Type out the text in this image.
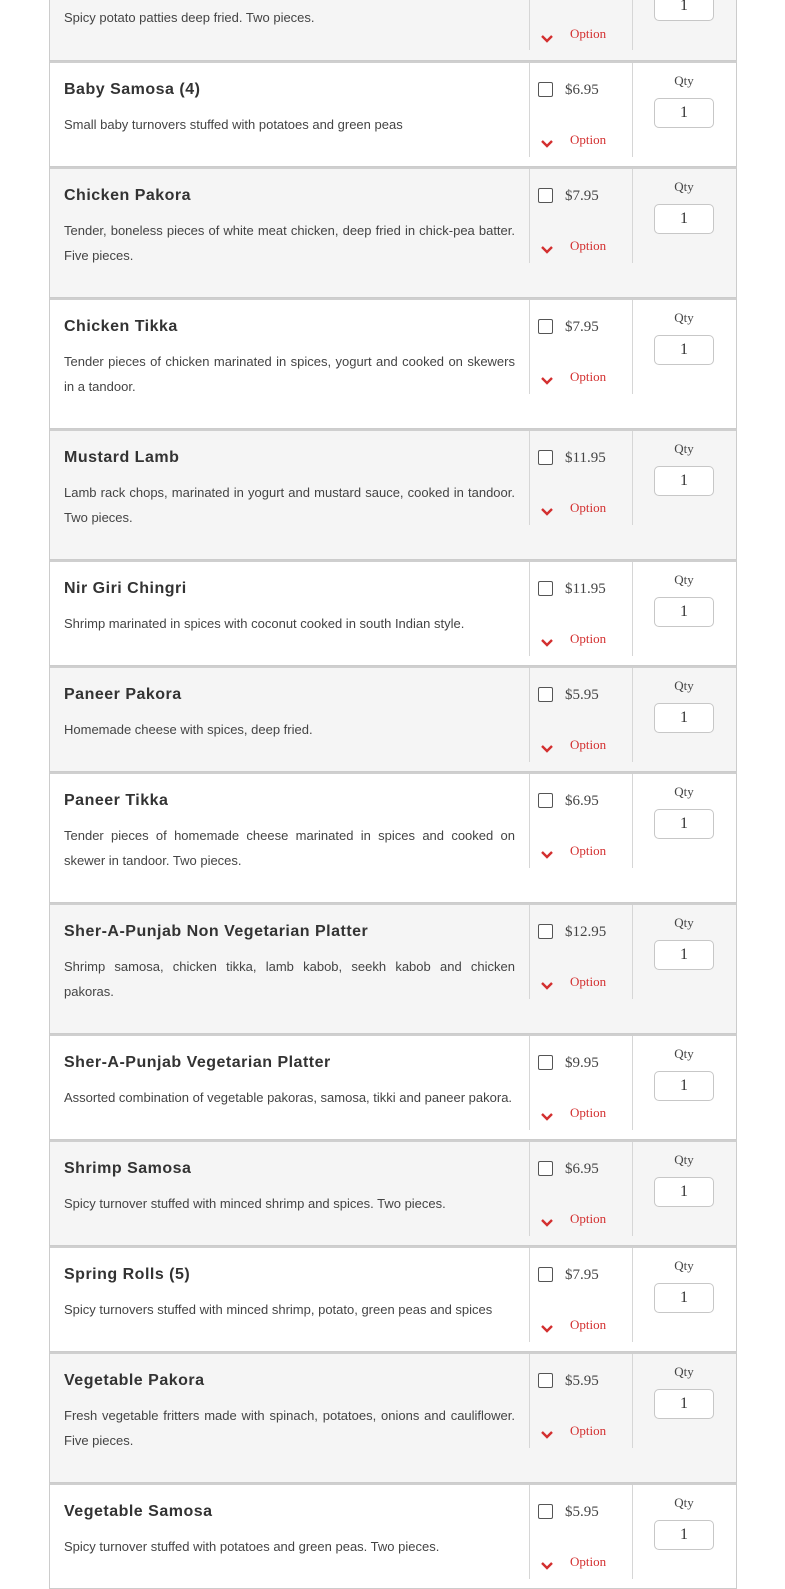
Spicy potato patties deep fried. Two pieces.
Option
1
Baby Samosa (4)
Small baby turnovers stuffed with potatoes and green peas
$6.95
Option
Qty
1
Chicken Pakora
Tender, boneless pieces of white meat chicken, deep fried in chick-pea batter. Five pieces.
$7.95
Option
Qty
1
Chicken Tikka
Tender pieces of chicken marinated in spices, yogurt and cooked on skewers in a tandoor.
$7.95
Option
Qty
1
Mustard Lamb
Lamb rack chops, marinated in yogurt and mustard sauce, cooked in tandoor. Two pieces.
$11.95
Option
Qty
1
Nir Giri Chingri
Shrimp marinated in spices with coconut cooked in south Indian style.
$11.95
Option
Qty
1
Paneer Pakora
Homemade cheese with spices, deep fried.
$5.95
Option
Qty
1
Paneer Tikka
Tender pieces of homemade cheese marinated in spices and cooked on skewer in tandoor. Two pieces.
$6.95
Option
Qty
1
Sher-A-Punjab Non Vegetarian Platter
Shrimp samosa, chicken tikka, lamb kabob, seekh kabob and chicken pakoras.
$12.95
Option
Qty
1
Sher-A-Punjab Vegetarian Platter
Assorted combination of vegetable pakoras, samosa, tikki and paneer pakora.
$9.95
Option
Qty
1
Shrimp Samosa
Spicy turnover stuffed with minced shrimp and spices. Two pieces.
$6.95
Option
Qty
1
Spring Rolls (5)
Spicy turnovers stuffed with minced shrimp, potato, green peas and spices
$7.95
Option
Qty
1
Vegetable Pakora
Fresh vegetable fritters made with spinach, potatoes, onions and cauliflower. Five pieces.
$5.95
Option
Qty
1
Vegetable Samosa
Spicy turnover stuffed with potatoes and green peas. Two pieces.
$5.95
Option
Qty
1
